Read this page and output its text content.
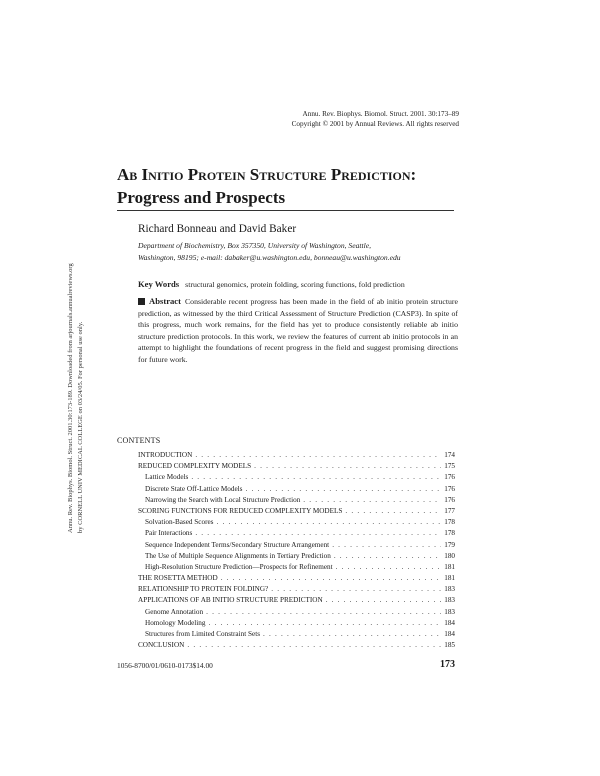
Annu. Rev. Biophys. Biomol. Struct. 2001. 30:173–89
Copyright © 2001 by Annual Reviews. All rights reserved
Ab Initio Protein Structure Prediction:
Progress and Prospects
Richard Bonneau and David Baker
Department of Biochemistry, Box 357350, University of Washington, Seattle,
Washington, 98195; e-mail: dabaker@u.washington.edu, bonneau@u.washington.edu
Key Words structural genomics, protein folding, scoring functions, fold prediction
Abstract Considerable recent progress has been made in the field of ab initio protein structure prediction, as witnessed by the third Critical Assessment of Structure Prediction (CASP3). In spite of this progress, much work remains, for the field has yet to produce consistently reliable ab initio structure prediction protocols. In this work, we review the features of current ab initio protocols in an attempt to highlight the foundations of recent progress in the field and suggest promising directions for future work.
Annu. Rev. Biophys. Biomol. Struct. 2001.30:173-189. Downloaded from arjournals.annualreviews.org by CORNELL UNIV MEDICAL COLLEGE on 03/24/05. For personal use only.	CONTENTS
INTRODUCTION . . .	174
REDUCED COMPLEXITY MODELS . . .	175
Lattice Models . . .	176
Discrete State Off-Lattice Models . . .	176
Narrowing the Search with Local Structure Prediction . . .	176
SCORING FUNCTIONS FOR REDUCED COMPLEXITY MODELS . . .	177
Solvation-Based Scores . . .	178
Pair Interactions . . .	178
Sequence Independent Terms/Secondary Structure Arrangement . . .	179
The Use of Multiple Sequence Alignments in Tertiary Prediction . . .	180
High-Resolution Structure Prediction—Prospects for Refinement . . .	181
THE ROSETTA METHOD . . .	181
RELATIONSHIP TO PROTEIN FOLDING? . . .	183
APPLICATIONS OF AB INITIO STRUCTURE PREDICTION . . .	183
Genome Annotation . . .	183
Homology Modeling . . .	184
Structures from Limited Constraint Sets . . .	184
CONCLUSION . . .	185
1056-8700/01/0610-0173$14.00	173
